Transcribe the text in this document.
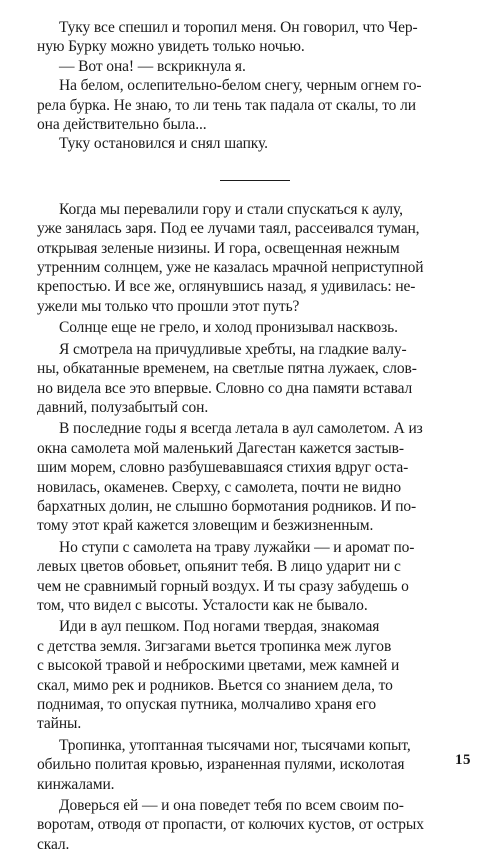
Туку все спешил и торопил меня. Он говорил, что Чер-
ную Бурку можно увидеть только ночью.

— Вот она! — вскрикнула я.

На белом, ослепительно-белом снегу, черным огнем го-
рела бурка. Не знаю, то ли тень так падала от скалы, то ли
она действительно была...

Туку остановился и снял шапку.

Когда мы перевалили гору и стали спускаться к аулу,
уже занялась заря. Под ее лучами таял, рассеивался туман,
открывая зеленые низины. И гора, освещенная нежным
утренним солнцем, уже не казалась мрачной неприступной
крепостью. И все же, оглянувшись назад, я удивилась: не-
ужели мы только что прошли этот путь?

Солнце еще не грело, и холод пронизывал насквозь.

Я смотрела на причудливые хребты, на гладкие валу-
ны, обкатанные временем, на светлые пятна лужаек, слов-
но видела все это впервые. Словно со дна памяти вставал
давний, полузабытый сон.

В последние годы я всегда летала в аул самолетом. А из
окна самолета мой маленький Дагестан кажется застыв-
шим морем, словно разбушевавшаяся стихия вдруг оста-
новилась, окаменев. Сверху, с самолета, почти не видно
бархатных долин, не слышно бормотания родников. И по-
тому этот край кажется зловещим и безжизненным.

Но ступи с самолета на траву лужайки — и аромат по-
левых цветов обовьет, опьянит тебя. В лицо ударит ни с
чем не сравнимый горный воздух. И ты сразу забудешь о
том, что видел с высоты. Усталости как не бывало.

Иди в аул пешком. Под ногами твердая, знакомая
с детства земля. Зигзагами вьется тропинка меж лугов
с высокой травой и неброскими цветами, меж камней и
скал, мимо рек и родников. Вьется со знанием дела, то
поднимая, то опуская путника, молчаливо храня его
тайны.

Тропинка, утоптанная тысячами ног, тысячами копыт,
обильно политая кровью, израненная пулями, исколотая
кинжалами.

Доверься ей — и она поведет тебя по всем своим по-
воротам, отводя от пропасти, от колючих кустов, от острых
скал.

15
